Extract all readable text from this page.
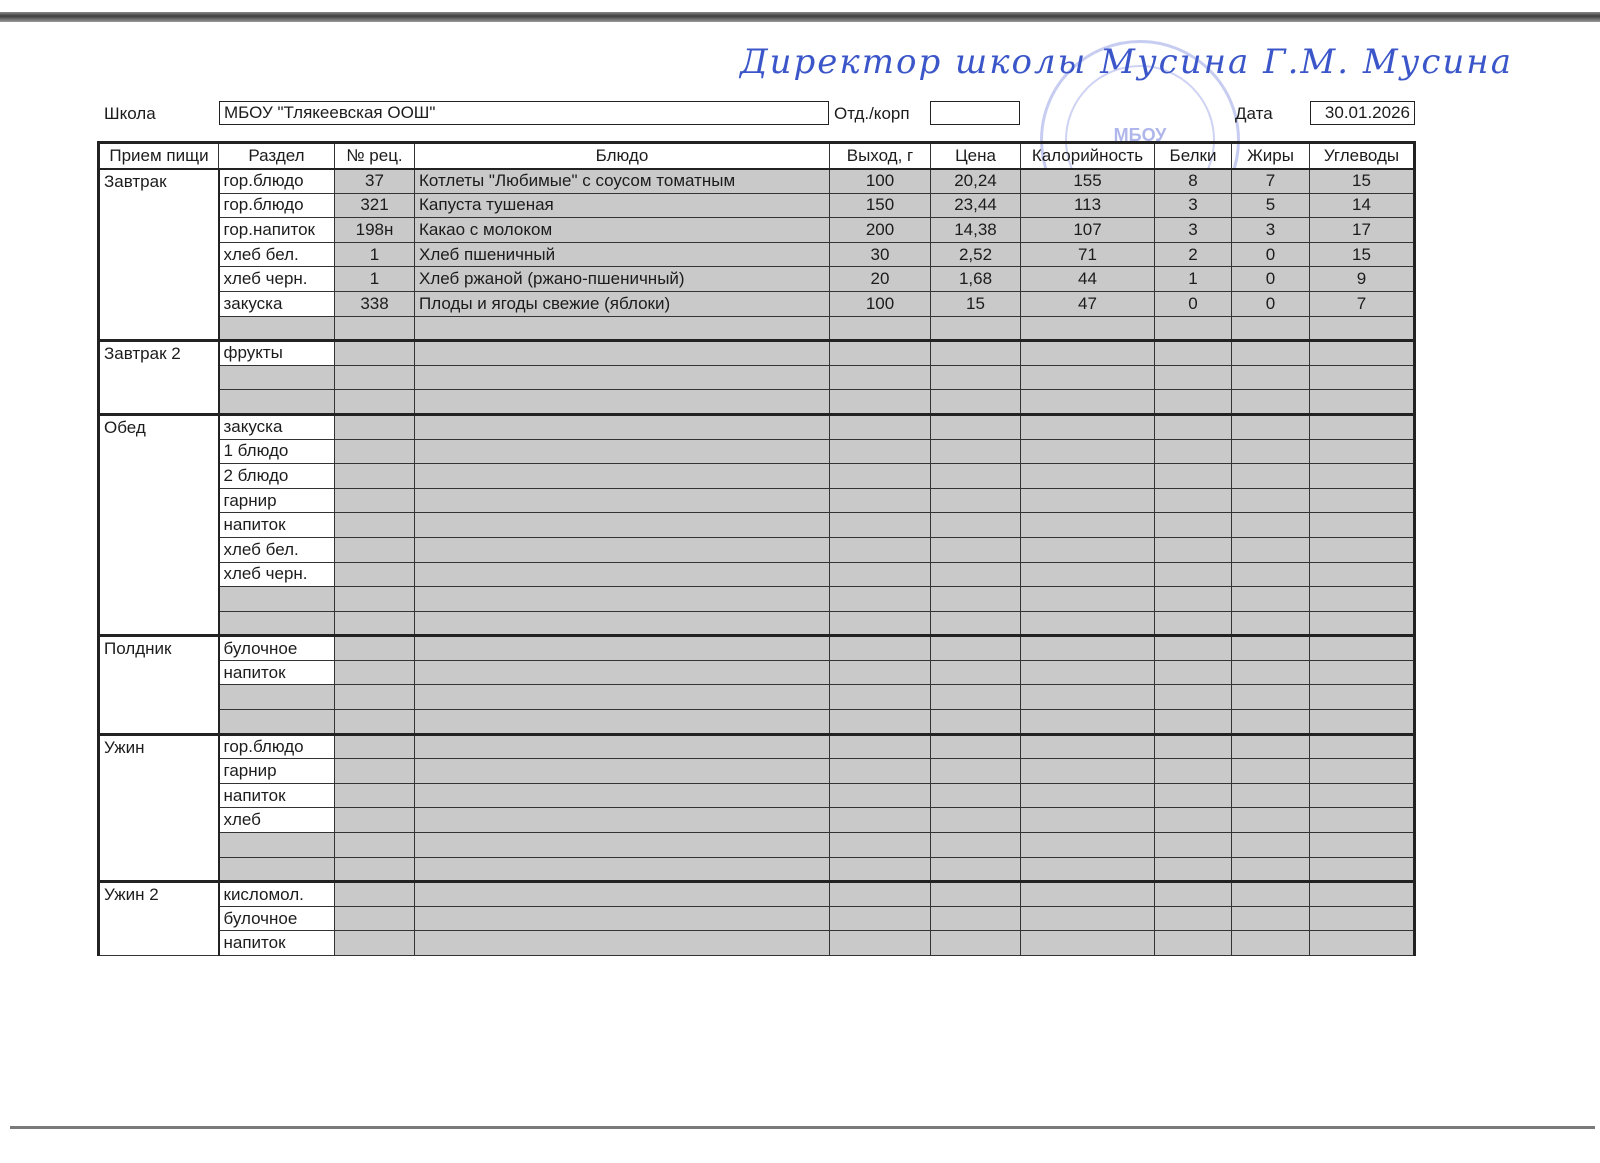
МБОУ
Директор школы Мусина Г.М. Мусина
Школа	МБОУ "Тлякеевская ООШ"	Отд./корп	Дата	30.01.2026
Прием пищи	Раздел	№ рец.	Блюдо	Выход, г	Цена	Калорийность	Белки	Жиры	Углеводы
Завтрак	гор.блюдо	37	Котлеты "Любимые" с соусом томатным	100	20,24	155	8	7	15
	гор.блюдо	321	Капуста тушеная	150	23,44	113	3	5	14
	гор.напиток	198н	Какао с молоком	200	14,38	107	3	3	17
	хлеб бел.	1	Хлеб пшеничный	30	2,52	71	2	0	15
	хлеб черн.	1	Хлеб ржаной (ржано-пшеничный)	20	1,68	44	1	0	9
	закуска	338	Плоды и ягоды свежие (яблоки)	100	15	47	0	0	7

Завтрак 2	фрукты								

Обед	закуска								
	1 блюдо								
	2 блюдо								
	гарнир								
	напиток								
	хлеб бел.								
	хлеб черн.								

Полдник	булочное								
	напиток								

Ужин	гор.блюдо								
	гарнир								
	напиток								
	хлеб								

Ужин 2	кисломол.								
	булочное								
	напиток								
